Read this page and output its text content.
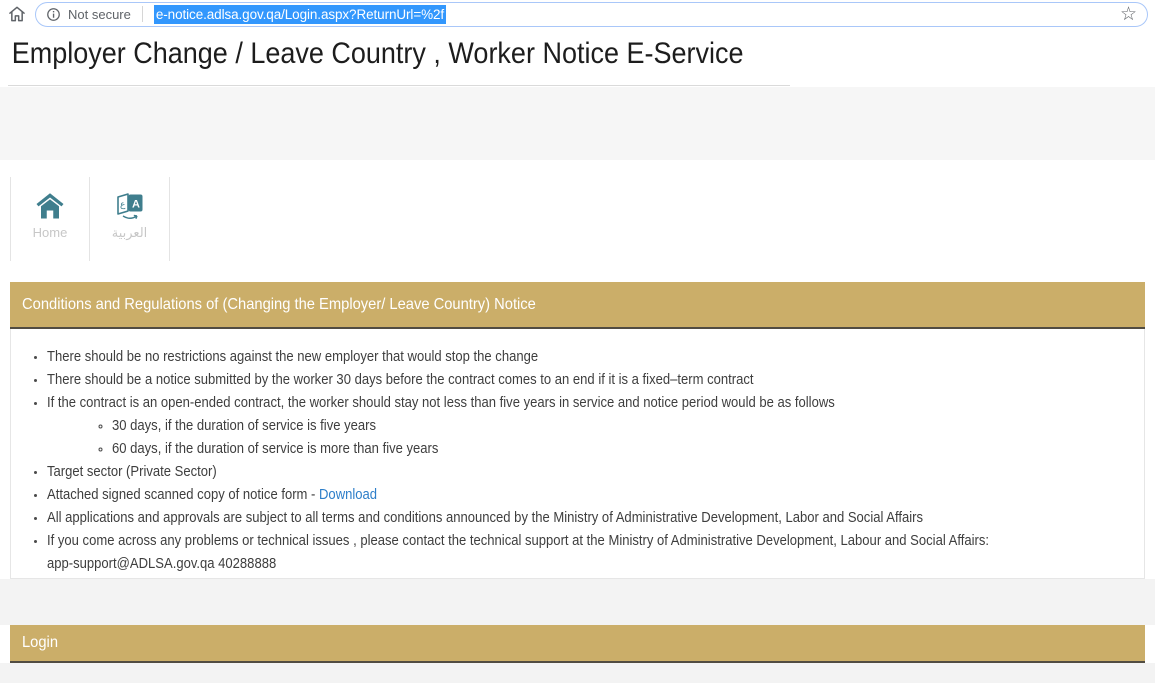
Not secure e-notice.adlsa.gov.qa/Login.aspx?ReturnUrl=%2f	☆
Employer Change / Leave Country , Worker Notice E-Service
Home
ع A
العربية
Conditions and Regulations of (Changing the Employer/ Leave Country) Notice
• There should be no restrictions against the new employer that would stop the change
• There should be a notice submitted by the worker 30 days before the contract comes to an end if it is a fixed–term contract
• If the contract is an open-ended contract, the worker should stay not less than five years in service and notice period would be as follows
◦ 30 days, if the duration of service is five years
◦ 60 days, if the duration of service is more than five years
• Target sector (Private Sector)
• Attached signed scanned copy of notice form - Download
• All applications and approvals are subject to all terms and conditions announced by the Ministry of Administrative Development, Labor and Social Affairs
• If you come across any problems or technical issues , please contact the technical support at the Ministry of Administrative Development, Labour and Social Affairs:
app-support@ADLSA.gov.qa 40288888
Login
